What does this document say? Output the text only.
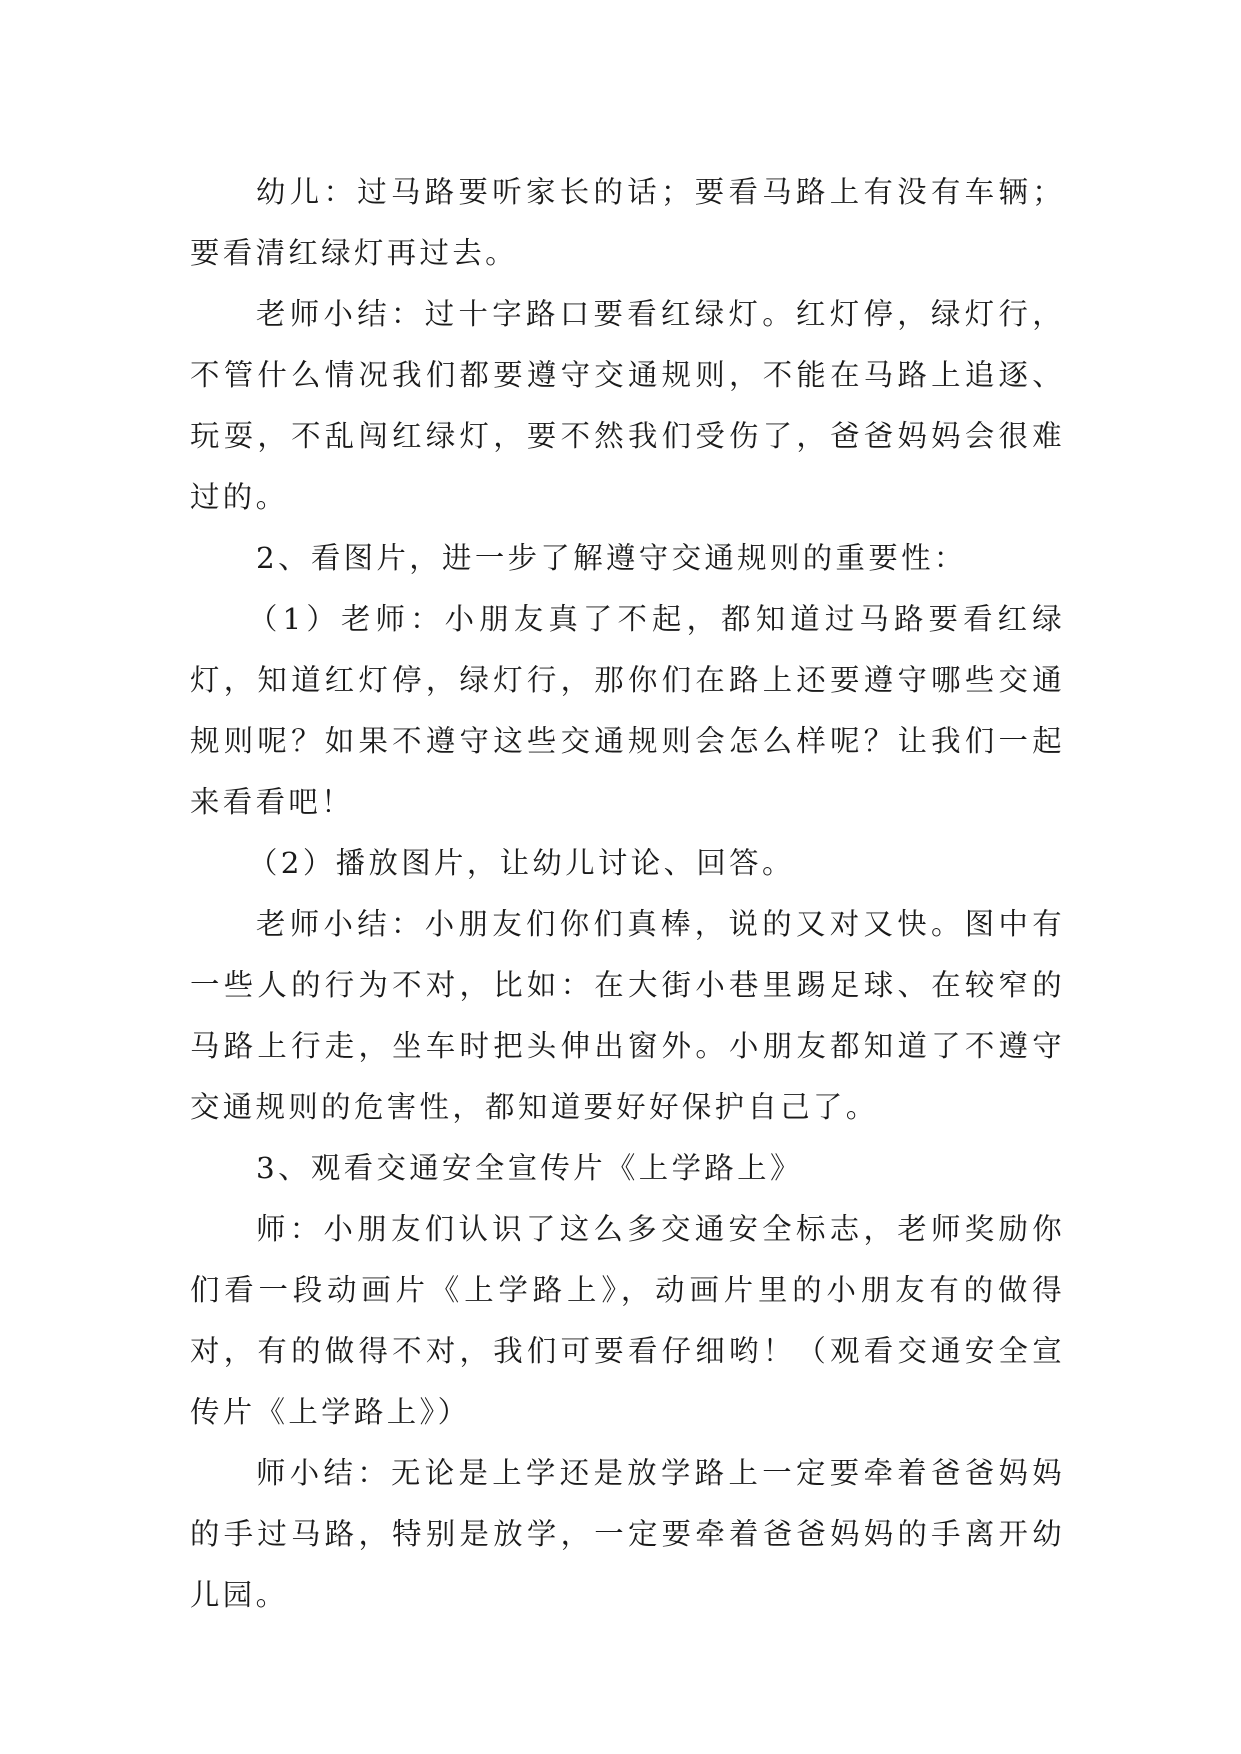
幼儿：过马路要听家长的话；要看马路上有没有车辆；要看清红绿灯再过去。

老师小结：过十字路口要看红绿灯。红灯停，绿灯行，不管什么情况我们都要遵守交通规则，不能在马路上追逐、玩耍，不乱闯红绿灯，要不然我们受伤了，爸爸妈妈会很难过的。

2、看图片，进一步了解遵守交通规则的重要性：

（1）老师：小朋友真了不起，都知道过马路要看红绿灯，知道红灯停，绿灯行，那你们在路上还要遵守哪些交通规则呢？如果不遵守这些交通规则会怎么样呢？让我们一起来看看吧！

（2）播放图片，让幼儿讨论、回答。

老师小结：小朋友们你们真棒，说的又对又快。图中有一些人的行为不对，比如：在大街小巷里踢足球、在较窄的马路上行走，坐车时把头伸出窗外。小朋友都知道了不遵守交通规则的危害性，都知道要好好保护自己了。

3、观看交通安全宣传片《上学路上》

师：小朋友们认识了这么多交通安全标志，老师奖励你们看一段动画片《上学路上》，动画片里的小朋友有的做得对，有的做得不对，我们可要看仔细哟！（观看交通安全宣传片《上学路上》）

师小结：无论是上学还是放学路上一定要牵着爸爸妈妈的手过马路，特别是放学，一定要牵着爸爸妈妈的手离开幼儿园。
